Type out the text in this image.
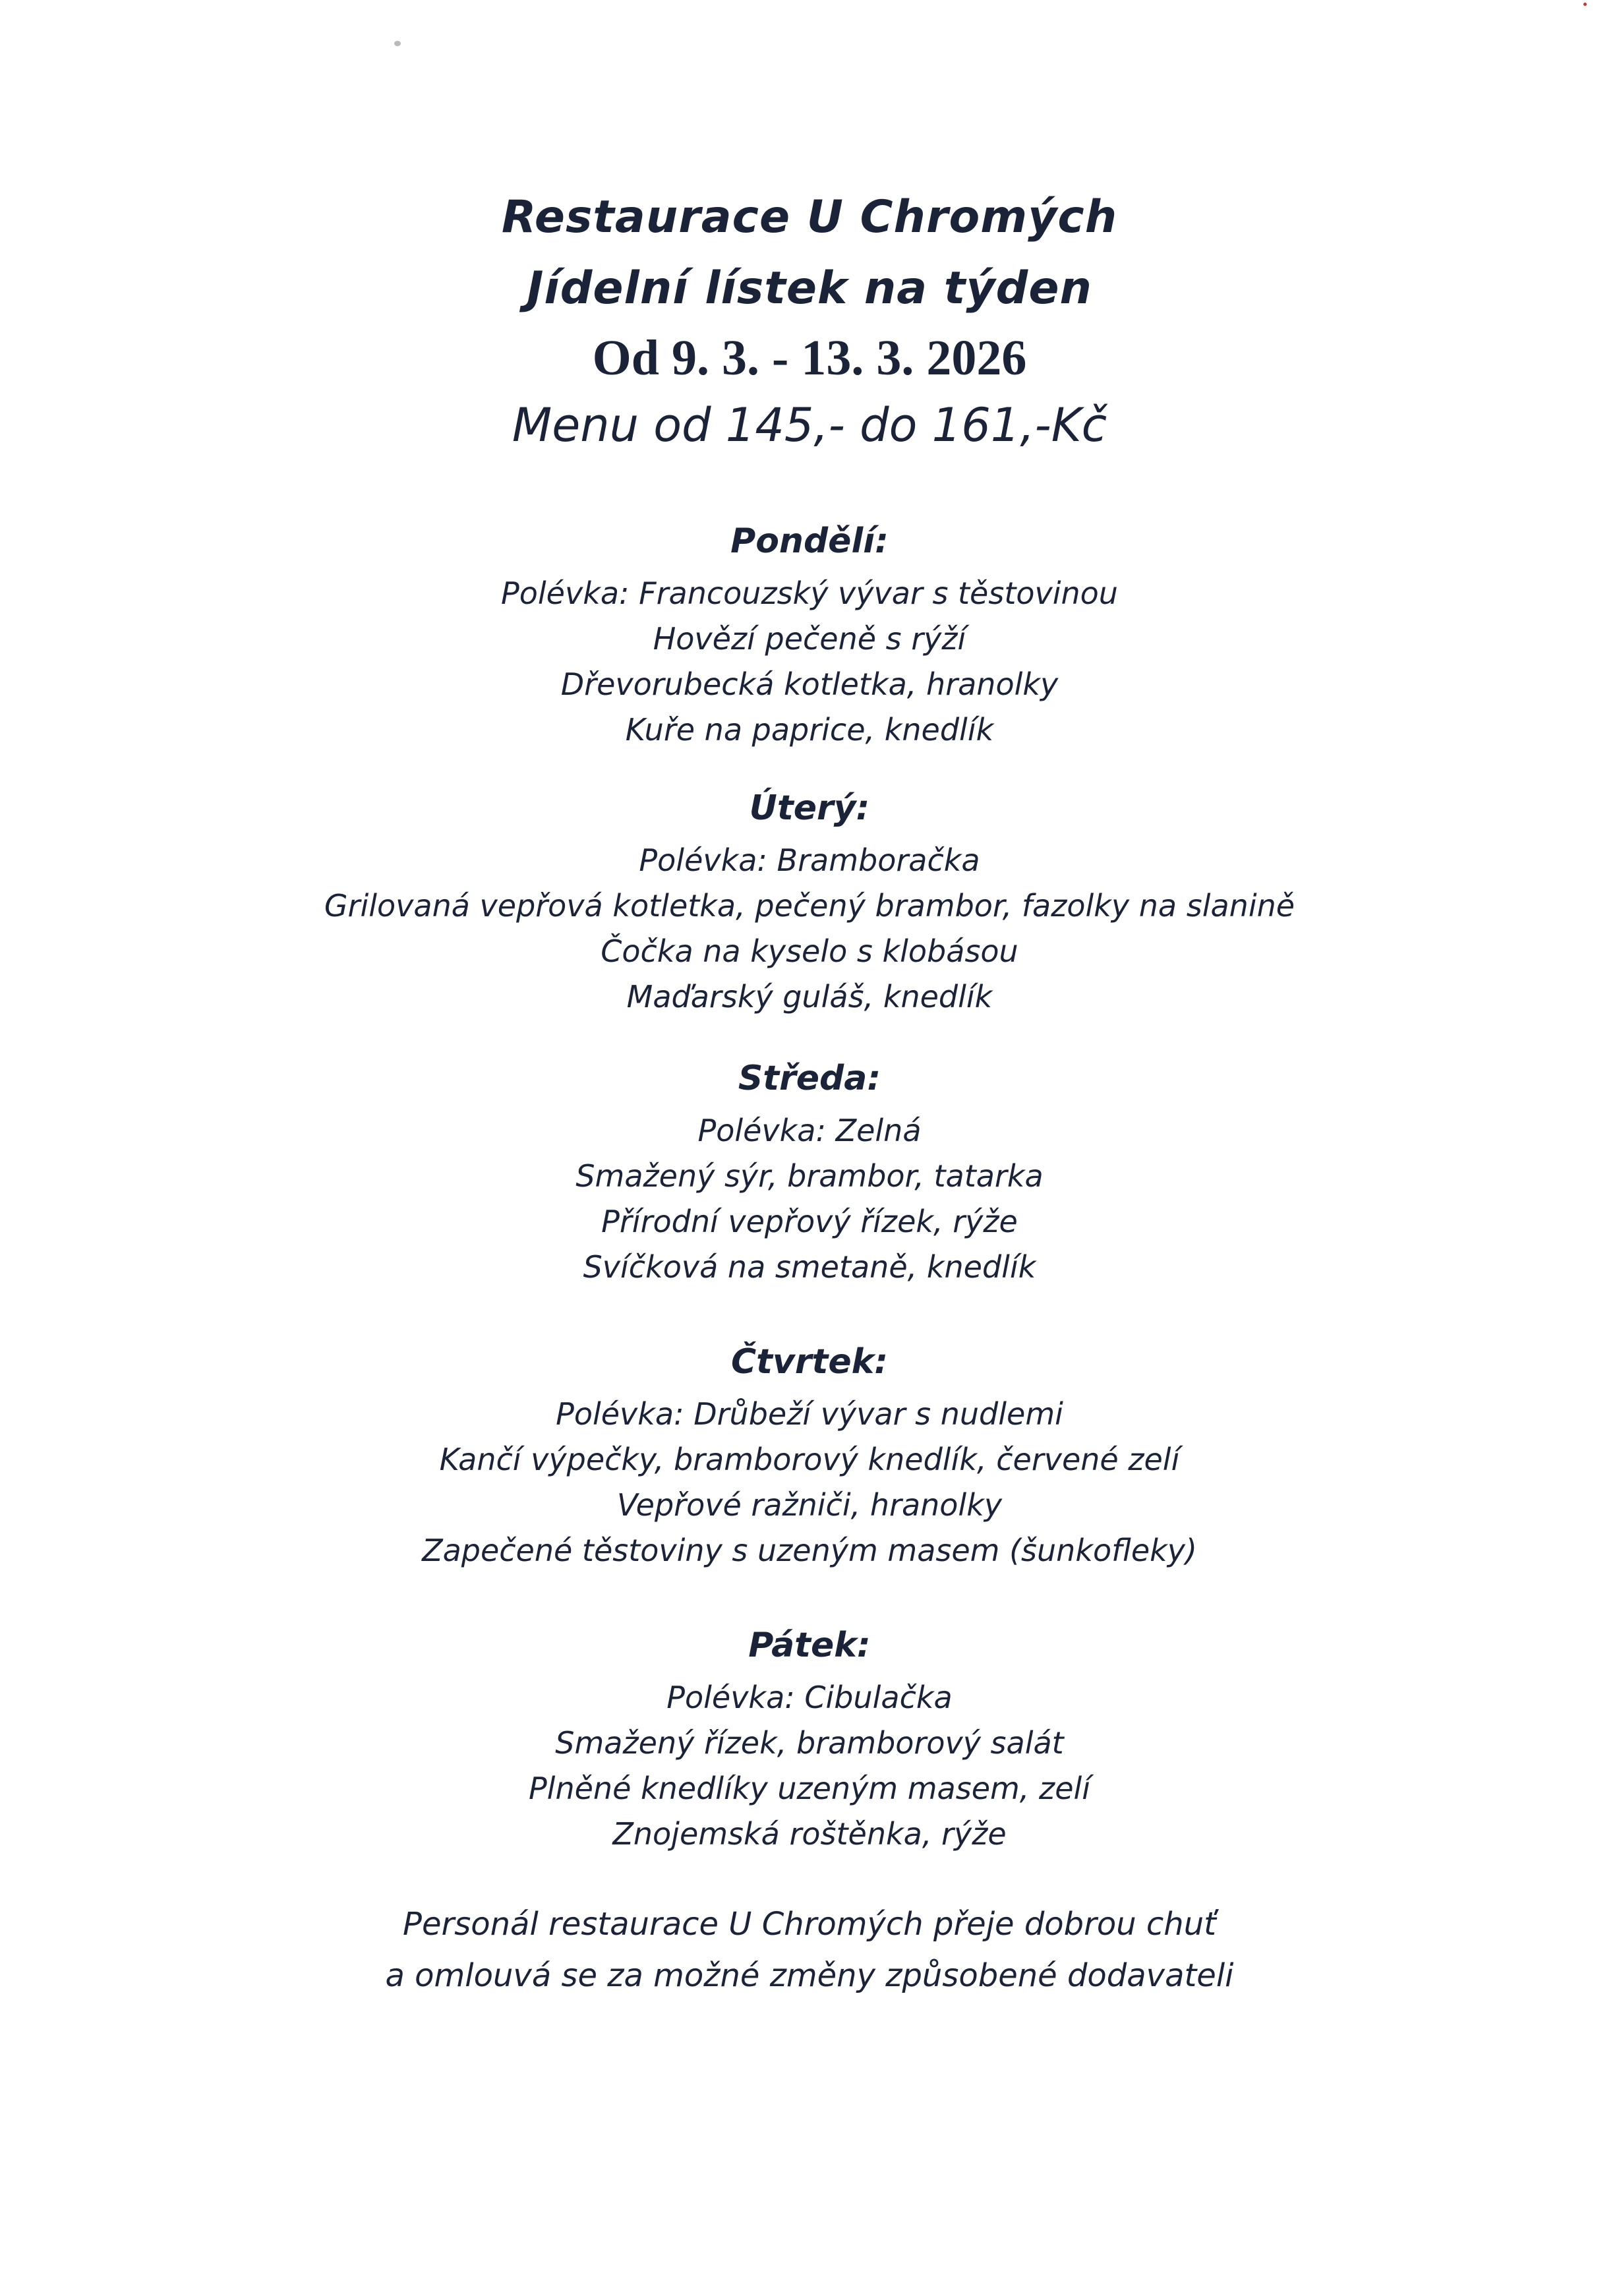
Restaurace U Chromých
Jídelní lístek na týden
Od 9. 3. - 13. 3. 2026
Menu od 145,- do 161,-Kč
Pondělí:
Polévka: Francouzský vývar s těstovinou
Hovězí pečeně s rýží
Dřevorubecká kotletka, hranolky
Kuře na paprice, knedlík
Úterý:
Polévka: Bramboračka
Grilovaná vepřová kotletka, pečený brambor, fazolky na slanině
Čočka na kyselo s klobásou
Maďarský guláš, knedlík
Středa:
Polévka: Zelná
Smažený sýr, brambor, tatarka
Přírodní vepřový řízek, rýže
Svíčková na smetaně, knedlík
Čtvrtek:
Polévka: Drůbeží vývar s nudlemi
Kančí výpečky, bramborový knedlík, červené zelí
Vepřové ražniči, hranolky
Zapečené těstoviny s uzeným masem (šunkofleky)
Pátek:
Polévka: Cibulačka
Smažený řízek, bramborový salát
Plněné knedlíky uzeným masem, zelí
Znojemská roštěnka, rýže
Personál restaurace U Chromých přeje dobrou chuť
a omlouvá se za možné změny způsobené dodavateli
